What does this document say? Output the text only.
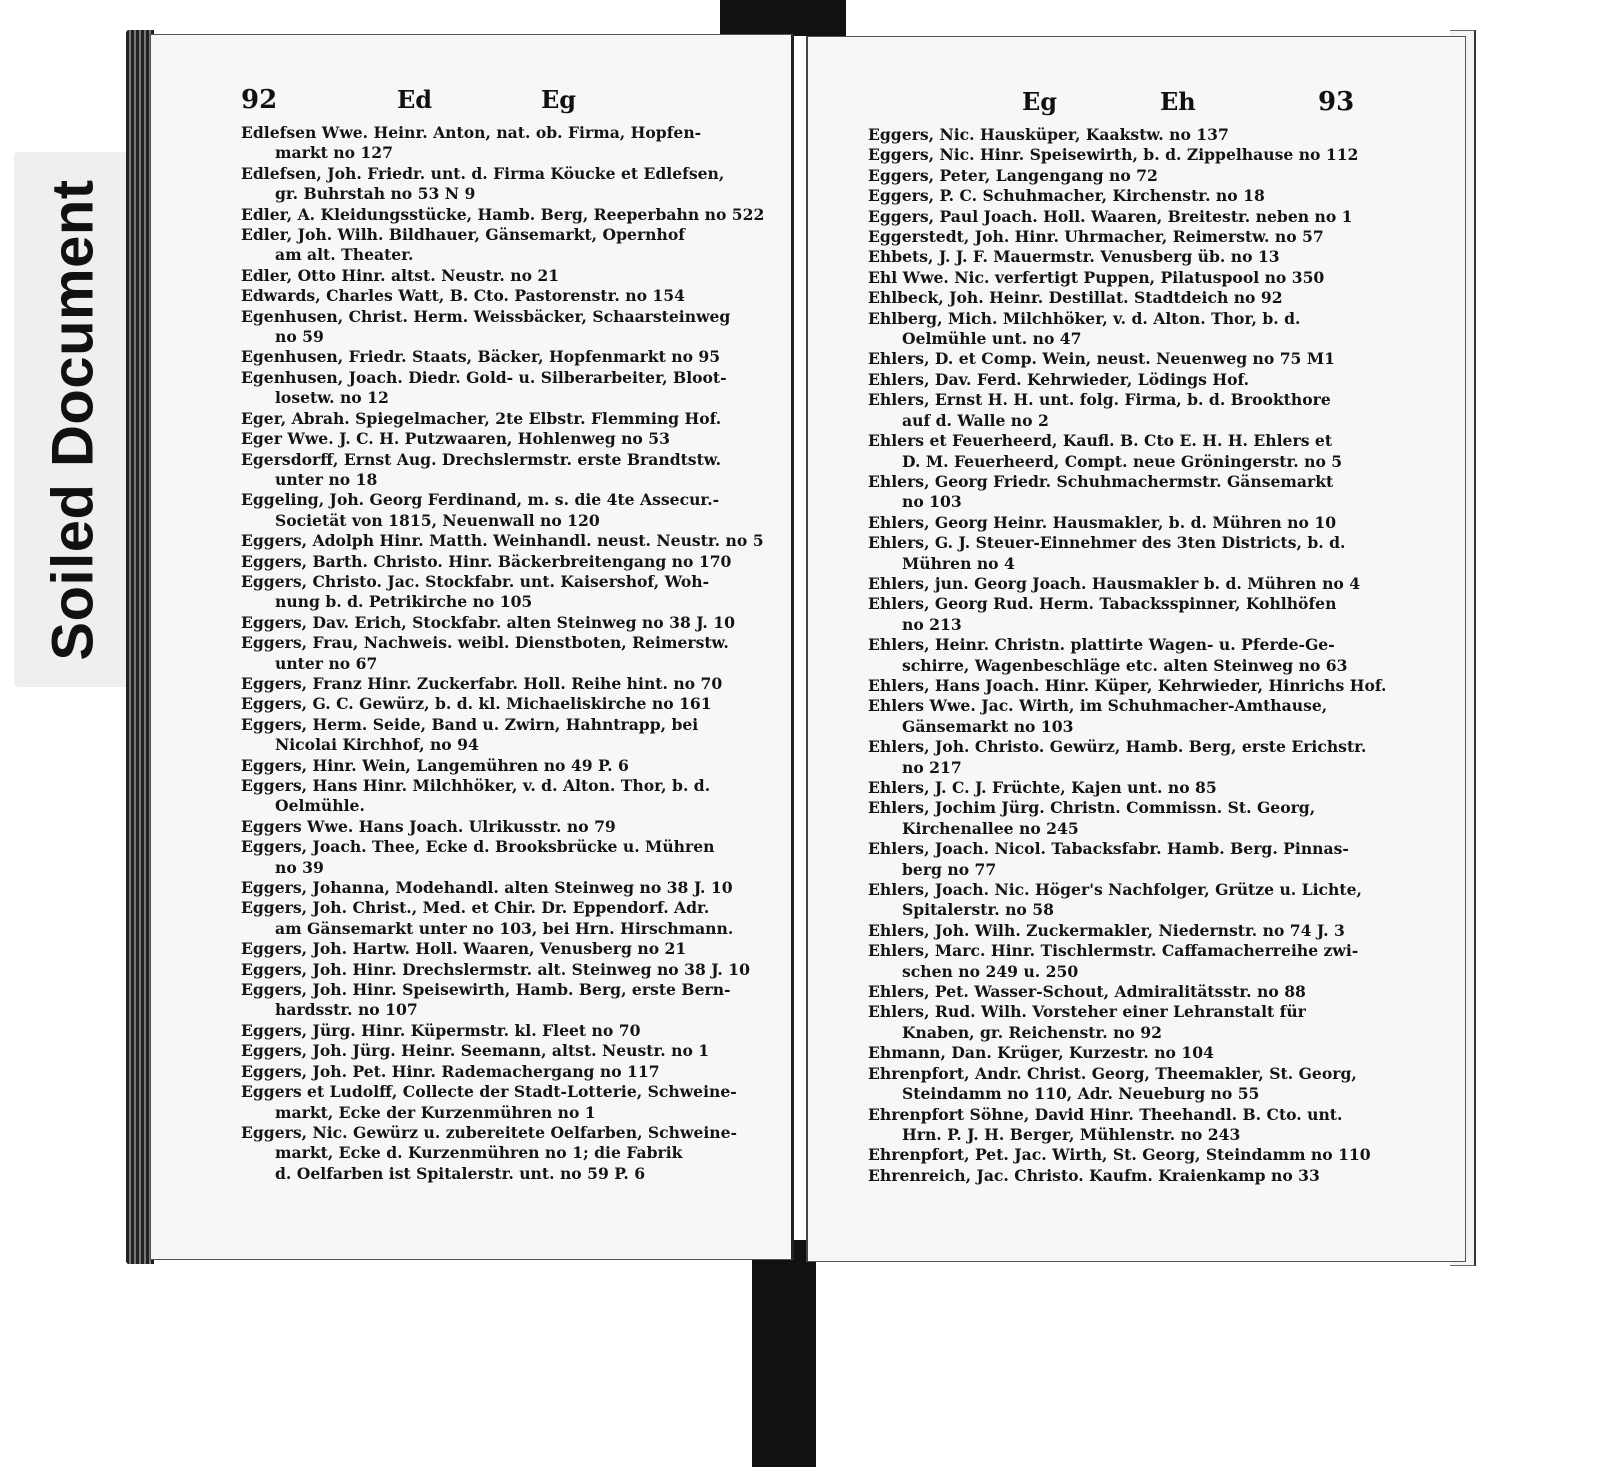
Soiled Document
92	Ed	Eg
Edlefsen Wwe. Heinr. Anton, nat. ob. Firma, Hopfen-
markt no 127
Edlefsen, Joh. Friedr. unt. d. Firma Köucke et Edlefsen,
gr. Buhrstah no 53 N 9
Edler, A. Kleidungsstücke, Hamb. Berg, Reeperbahn no 522
Edler, Joh. Wilh. Bildhauer, Gänsemarkt, Opernhof
am alt. Theater.
Edler, Otto Hinr. altst. Neustr. no 21
Edwards, Charles Watt, B. Cto. Pastorenstr. no 154
Egenhusen, Christ. Herm. Weissbäcker, Schaarsteinweg
no 59
Egenhusen, Friedr. Staats, Bäcker, Hopfenmarkt no 95
Egenhusen, Joach. Diedr. Gold- u. Silberarbeiter, Bloot-
losetw. no 12
Eger, Abrah. Spiegelmacher, 2te Elbstr. Flemming Hof.
Eger Wwe. J. C. H. Putzwaaren, Hohlenweg no 53
Egersdorff, Ernst Aug. Drechslermstr. erste Brandtstw.
unter no 18
Eggeling, Joh. Georg Ferdinand, m. s. die 4te Assecur.-
Societät von 1815, Neuenwall no 120
Eggers, Adolph Hinr. Matth. Weinhandl. neust. Neustr. no 5
Eggers, Barth. Christo. Hinr. Bäckerbreitengang no 170
Eggers, Christo. Jac. Stockfabr. unt. Kaisershof, Woh-
nung b. d. Petrikirche no 105
Eggers, Dav. Erich, Stockfabr. alten Steinweg no 38 J. 10
Eggers, Frau, Nachweis. weibl. Dienstboten, Reimerstw.
unter no 67
Eggers, Franz Hinr. Zuckerfabr. Holl. Reihe hint. no 70
Eggers, G. C. Gewürz, b. d. kl. Michaeliskirche no 161
Eggers, Herm. Seide, Band u. Zwirn, Hahntrapp, bei
Nicolai Kirchhof, no 94
Eggers, Hinr. Wein, Langemühren no 49 P. 6
Eggers, Hans Hinr. Milchhöker, v. d. Alton. Thor, b. d.
Oelmühle.
Eggers Wwe. Hans Joach. Ulrikusstr. no 79
Eggers, Joach. Thee, Ecke d. Brooksbrücke u. Mühren
no 39
Eggers, Johanna, Modehandl. alten Steinweg no 38 J. 10
Eggers, Joh. Christ., Med. et Chir. Dr. Eppendorf. Adr.
am Gänsemarkt unter no 103, bei Hrn. Hirschmann.
Eggers, Joh. Hartw. Holl. Waaren, Venusberg no 21
Eggers, Joh. Hinr. Drechslermstr. alt. Steinweg no 38 J. 10
Eggers, Joh. Hinr. Speisewirth, Hamb. Berg, erste Bern-
hardsstr. no 107
Eggers, Jürg. Hinr. Küpermstr. kl. Fleet no 70
Eggers, Joh. Jürg. Heinr. Seemann, altst. Neustr. no 1
Eggers, Joh. Pet. Hinr. Rademachergang no 117
Eggers et Ludolff, Collecte der Stadt-Lotterie, Schweine-
markt, Ecke der Kurzenmühren no 1
Eggers, Nic. Gewürz u. zubereitete Oelfarben, Schweine-
markt, Ecke d. Kurzenmühren no 1; die Fabrik
d. Oelfarben ist Spitalerstr. unt. no 59 P. 6
Eg	Eh	93
Eggers, Nic. Hausküper, Kaakstw. no 137
Eggers, Nic. Hinr. Speisewirth, b. d. Zippelhause no 112
Eggers, Peter, Langengang no 72
Eggers, P. C. Schuhmacher, Kirchenstr. no 18
Eggers, Paul Joach. Holl. Waaren, Breitestr. neben no 1
Eggerstedt, Joh. Hinr. Uhrmacher, Reimerstw. no 57
Ehbets, J. J. F. Mauermstr. Venusberg üb. no 13
Ehl Wwe. Nic. verfertigt Puppen, Pilatuspool no 350
Ehlbeck, Joh. Heinr. Destillat. Stadtdeich no 92
Ehlberg, Mich. Milchhöker, v. d. Alton. Thor, b. d.
Oelmühle unt. no 47
Ehlers, D. et Comp. Wein, neust. Neuenweg no 75 M1
Ehlers, Dav. Ferd. Kehrwieder, Lödings Hof.
Ehlers, Ernst H. H. unt. folg. Firma, b. d. Brookthore
auf d. Walle no 2
Ehlers et Feuerheerd, Kaufl. B. Cto E. H. H. Ehlers et
D. M. Feuerheerd, Compt. neue Gröningerstr. no 5
Ehlers, Georg Friedr. Schuhmachermstr. Gänsemarkt
no 103
Ehlers, Georg Heinr. Hausmakler, b. d. Mühren no 10
Ehlers, G. J. Steuer-Einnehmer des 3ten Districts, b. d.
Mühren no 4
Ehlers, jun. Georg Joach. Hausmakler b. d. Mühren no 4
Ehlers, Georg Rud. Herm. Tabacksspinner, Kohlhöfen
no 213
Ehlers, Heinr. Christn. plattirte Wagen- u. Pferde-Ge-
schirre, Wagenbeschläge etc. alten Steinweg no 63
Ehlers, Hans Joach. Hinr. Küper, Kehrwieder, Hinrichs Hof.
Ehlers Wwe. Jac. Wirth, im Schuhmacher-Amthause,
Gänsemarkt no 103
Ehlers, Joh. Christo. Gewürz, Hamb. Berg, erste Erichstr.
no 217
Ehlers, J. C. J. Früchte, Kajen unt. no 85
Ehlers, Jochim Jürg. Christn. Commissn. St. Georg,
Kirchenallee no 245
Ehlers, Joach. Nicol. Tabacksfabr. Hamb. Berg. Pinnas-
berg no 77
Ehlers, Joach. Nic. Höger's Nachfolger, Grütze u. Lichte,
Spitalerstr. no 58
Ehlers, Joh. Wilh. Zuckermakler, Niedernstr. no 74 J. 3
Ehlers, Marc. Hinr. Tischlermstr. Caffamacherreihe zwi-
schen no 249 u. 250
Ehlers, Pet. Wasser-Schout, Admiralitätsstr. no 88
Ehlers, Rud. Wilh. Vorsteher einer Lehranstalt für
Knaben, gr. Reichenstr. no 92
Ehmann, Dan. Krüger, Kurzestr. no 104
Ehrenpfort, Andr. Christ. Georg, Theemakler, St. Georg,
Steindamm no 110, Adr. Neueburg no 55
Ehrenpfort Söhne, David Hinr. Theehandl. B. Cto. unt.
Hrn. P. J. H. Berger, Mühlenstr. no 243
Ehrenpfort, Pet. Jac. Wirth, St. Georg, Steindamm no 110
Ehrenreich, Jac. Christo. Kaufm. Kraienkamp no 33
